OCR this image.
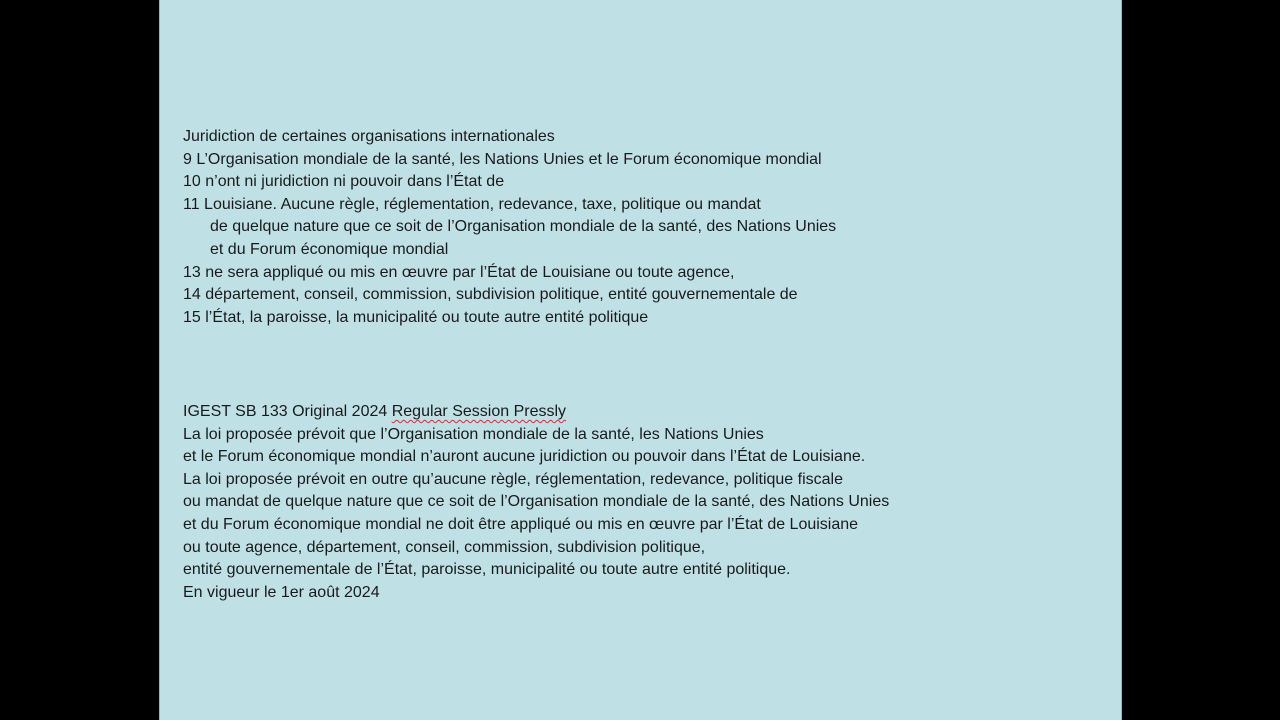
Juridiction de certaines organisations internationales
9 L’Organisation mondiale de la santé, les Nations Unies et le Forum économique mondial
10 n’ont ni juridiction ni pouvoir dans l’État de
11 Louisiane. Aucune règle, réglementation, redevance, taxe, politique ou mandat
de quelque nature que ce soit de l’Organisation mondiale de la santé, des Nations Unies
et du Forum économique mondial
13 ne sera appliqué ou mis en œuvre par l’État de Louisiane ou toute agence,
14 département, conseil, commission, subdivision politique, entité gouvernementale de
15 l’État, la paroisse, la municipalité ou toute autre entité politique
IGEST SB 133 Original 2024 Regular Session Pressly
La loi proposée prévoit que l’Organisation mondiale de la santé, les Nations Unies
et le Forum économique mondial n’auront aucune juridiction ou pouvoir dans l’État de Louisiane.
La loi proposée prévoit en outre qu’aucune règle, réglementation, redevance, politique fiscale
ou mandat de quelque nature que ce soit de l’Organisation mondiale de la santé, des Nations Unies
et du Forum économique mondial ne doit être appliqué ou mis en œuvre par l’État de Louisiane
ou toute agence, département, conseil, commission, subdivision politique,
entité gouvernementale de l’État, paroisse, municipalité ou toute autre entité politique.
En vigueur le 1er août 2024
